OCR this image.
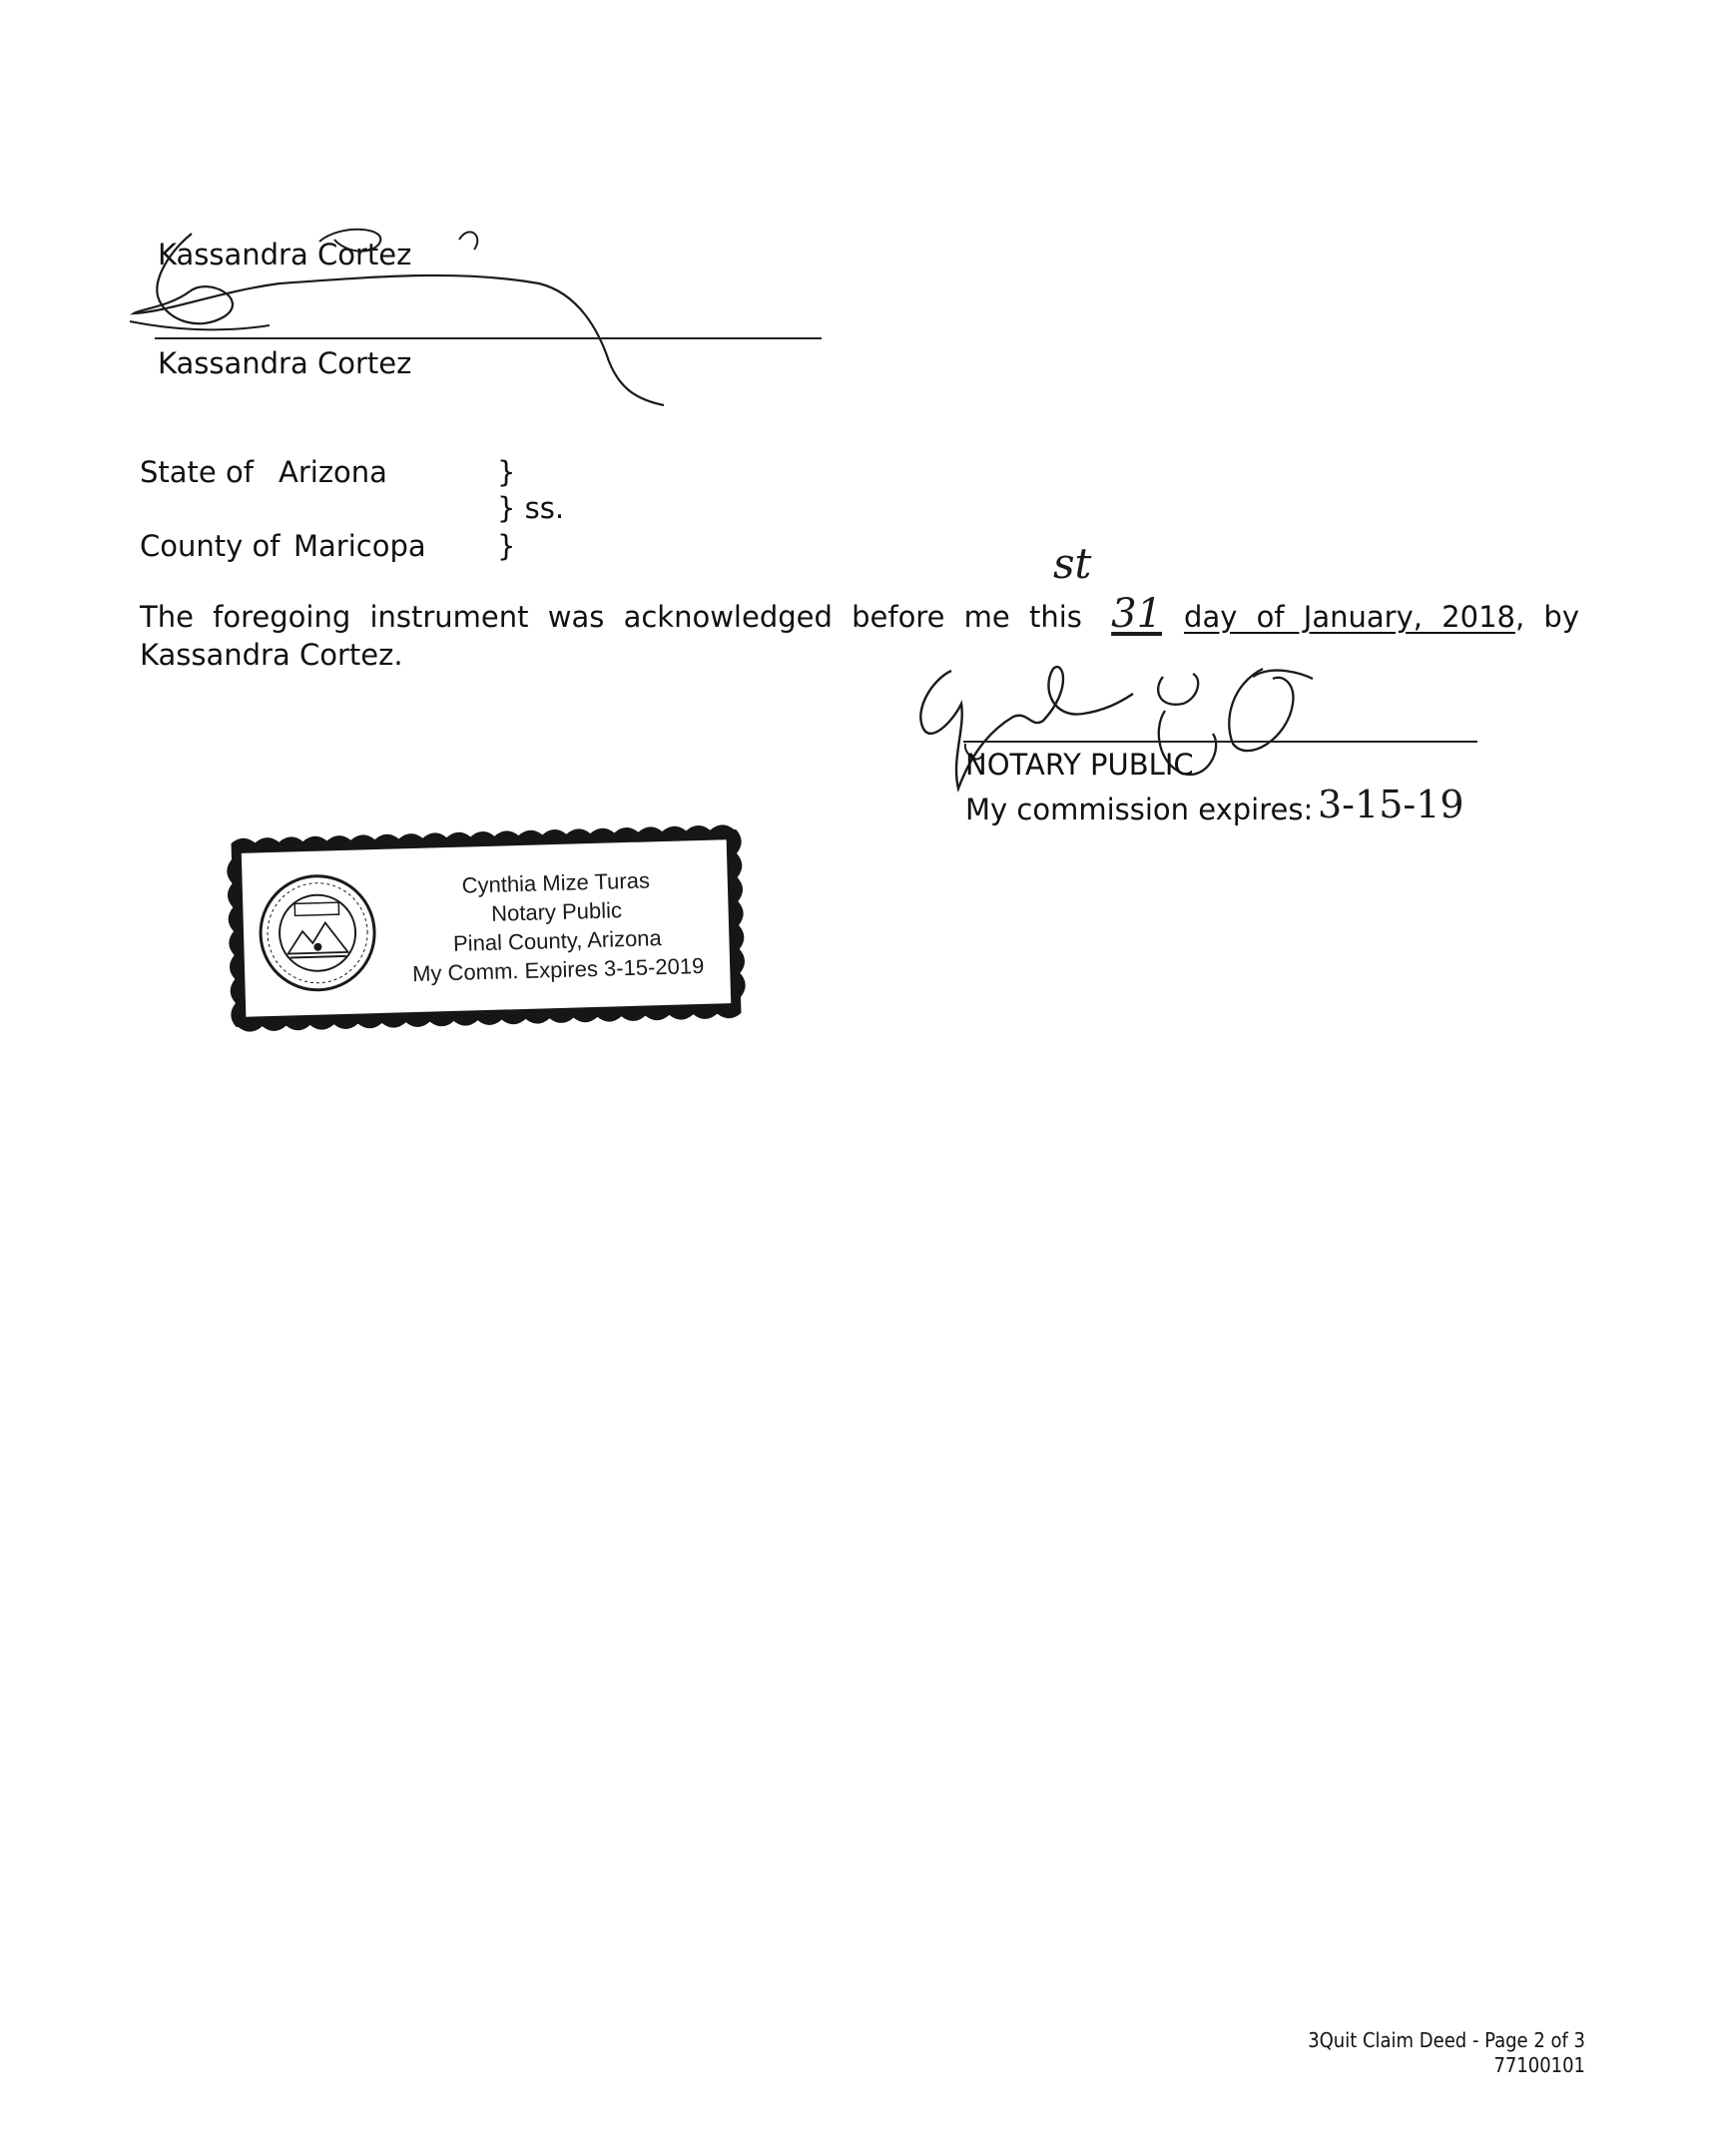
Kassandra Cortez
Kassandra Cortez
State of Arizona	}
} ss.
County of Maricopa }	st
The foregoing instrument was acknowledged before me this 31 day of January, 2018, by Kassandra Cortez.
NOTARY PUBLIC
My commission expires: 3-15-19
Cynthia Mize Turas
Notary Public
Pinal County, Arizona
My Comm. Expires 3-15-2019
3Quit Claim Deed - Page 2 of 3
77100101
